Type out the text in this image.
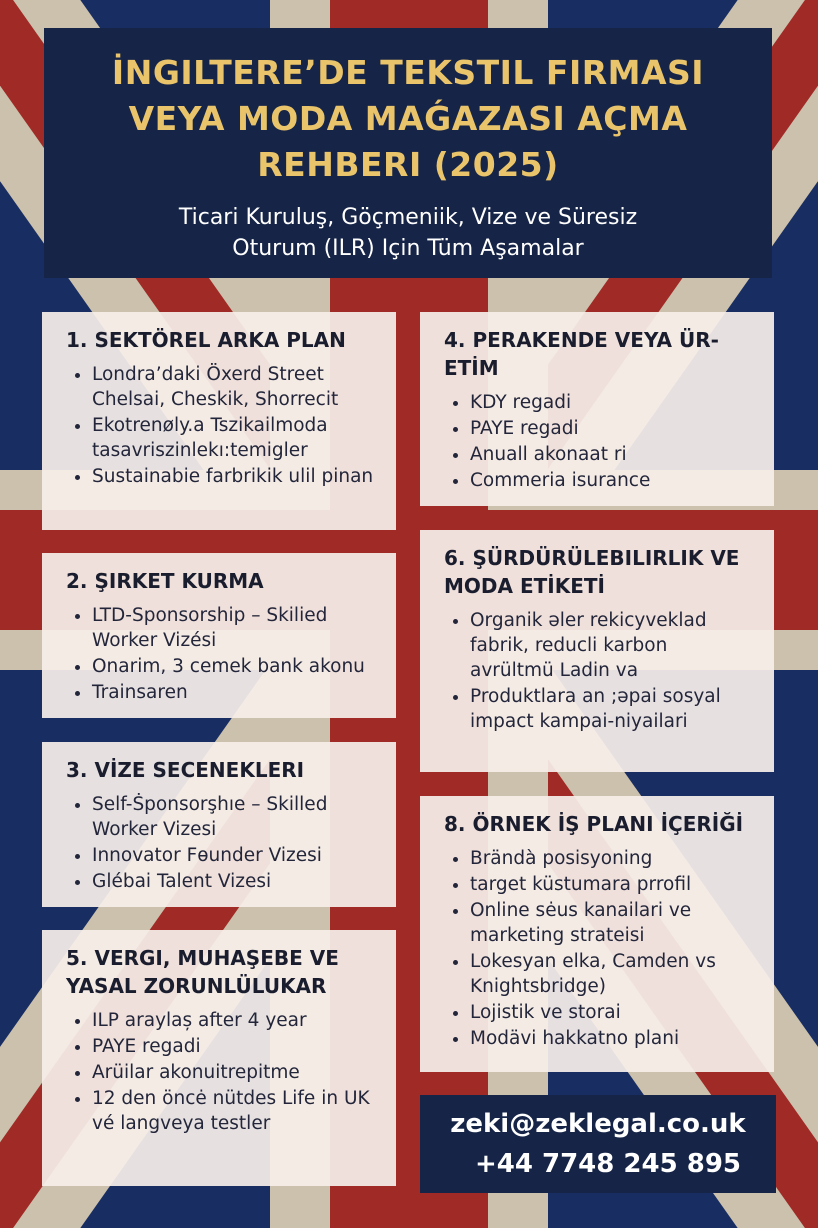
İNGILTERE’DE TEKSTIL FIRMASI
VEYA MODA MAǴAZASI AÇMA
REHBERI (2025)
Ticari Kuruluş, Göçmeniik, Vize ve Süresiz
Oturum (ILR) Için Tüm Aşamalar
1. SEKTÖREL ARKA PLAN
• Londra’daki Öxerd Street Chelsai, Cheskik, Shorrecit
• Ekotrenøly.a Tszikailmoda tasavriszinlekı:temigler
• Sustainabie farbrikik ulil pinan
2. ŞIRKET KURMA
• LTD-Sponsorship – Skilied Worker Vizési
• Onarim, 3 cemek bank akonu
• Trainsaren
3. VİZE SECENEKLERI
• Self-Ṡponsorşhıe – Skilled Worker Vizesi
• Innovator Fөunder Vizesi
• Glébai Talent Vizesi
5. VERGI, MUHAŞEBE VE YASAL ZORUNLÜLUKAR
• ILP araylaș after 4 year
• PAYE regadi
• Arüilar akonuitrepitme
• 12 den öncė nütdes Life in UK vé langveya testler
4. PERAKENDE VEYA ÜR-ETİM
• KDY regadi
• PAYE regadi
• Anuall akonaat ri
• Commeria isurance
6. ŞÜRDÜRÜLEBILIRLIK VE MODA ETİKETİ
• Organik əler rekicyveklad fabrik, reducli karbon avrültmü Ladin va
• Produktlara an ;əpai sosyal impact kampai-niyailari
8. ÖRNEK İŞ PLANI İÇERİĞİ
• Brändà posisyoning
• target küstumara prrofil
• Online sėus kanailari ve marketing strateisi
• Lokesyan elka, Camden vs Knightsbridge)
• Lojistik ve storai
• Modävi hakkatno plani
zeki@zeklegal.co.uk
+44 7748 245 895
